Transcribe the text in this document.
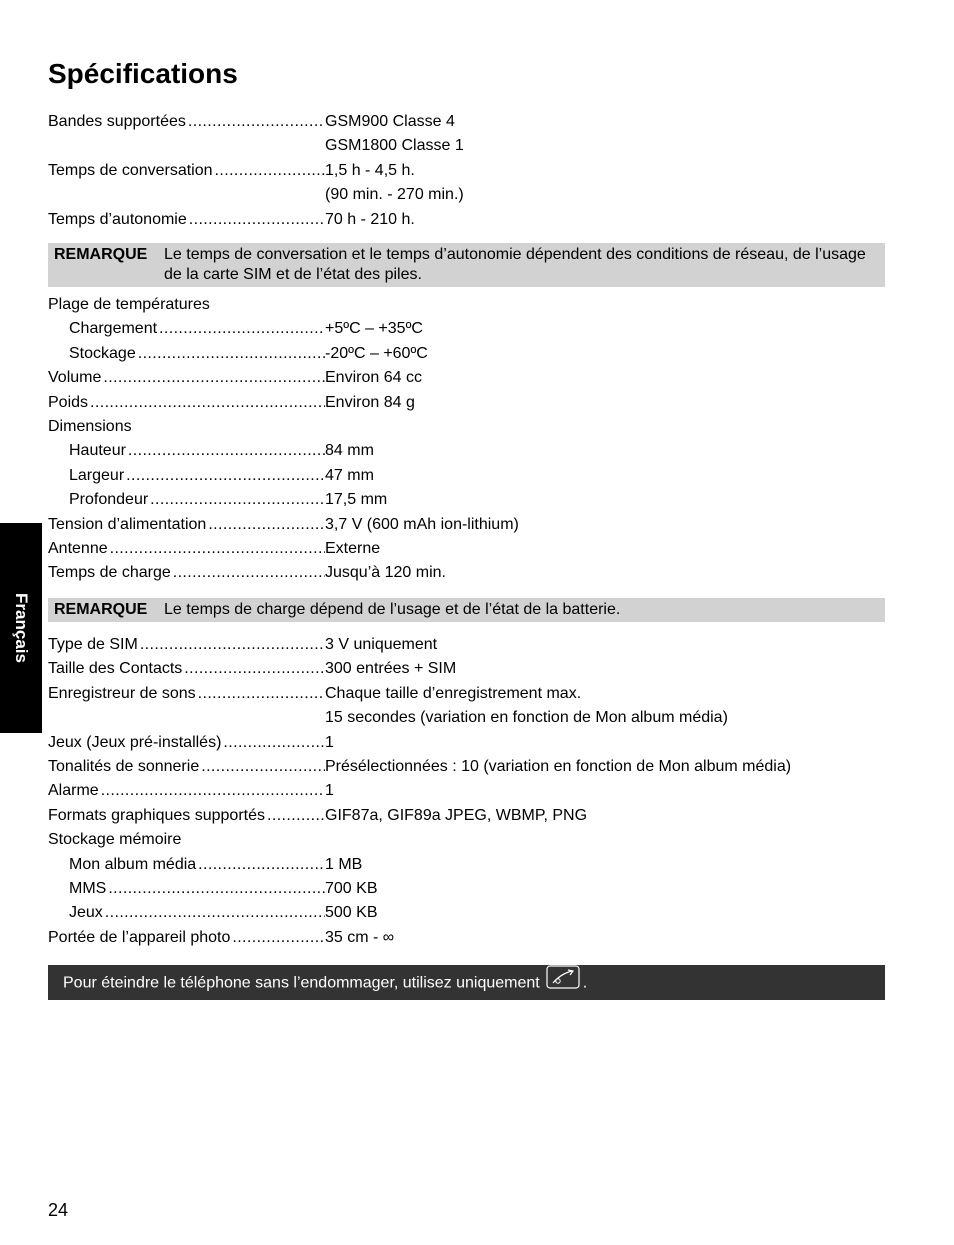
Spécifications
Français
Bandes supportées .....	GSM900 Classe 4
GSM1800 Classe 1
Temps de conversation .....	1,5 h - 4,5 h.
(90 min. - 270 min.)
Temps d’autonomie .....	70 h - 210 h.
REMARQUE	Le temps de conversation et le temps d’autonomie dépendent des conditions de réseau, de l’usage de la carte SIM et de l’état des piles.
Plage de températures
Chargement .....	+5ºC – +35ºC
Stockage .....	-20ºC – +60ºC
Volume .....	Environ 64 cc
Poids .....	Environ 84 g
Dimensions
Hauteur .....	84 mm
Largeur .....	47 mm
Profondeur .....	17,5 mm
Tension d’alimentation .....	3,7 V (600 mAh ion-lithium)
Antenne .....	Externe
Temps de charge .....	Jusqu’à 120 min.
REMARQUE	Le temps de charge dépend de l’usage et de l’état de la batterie.
Type de SIM .....	3 V uniquement
Taille des Contacts .....	300 entrées + SIM
Enregistreur de sons .....	Chaque taille d’enregistrement max.
15 secondes (variation en fonction de Mon album média)
Jeux (Jeux pré-installés) .....	1
Tonalités de sonnerie .....	Présélectionnées : 10 (variation en fonction de Mon album média)
Alarme .....	1
Formats graphiques supportés .....	GIF87a, GIF89a JPEG, WBMP, PNG
Stockage mémoire
Mon album média .....	1 MB
MMS .....	700 KB
Jeux .....	500 KB
Portée de l’appareil photo .....	35 cm - ∞
Pour éteindre le téléphone sans l’endommager, utilisez uniquement	.
24
